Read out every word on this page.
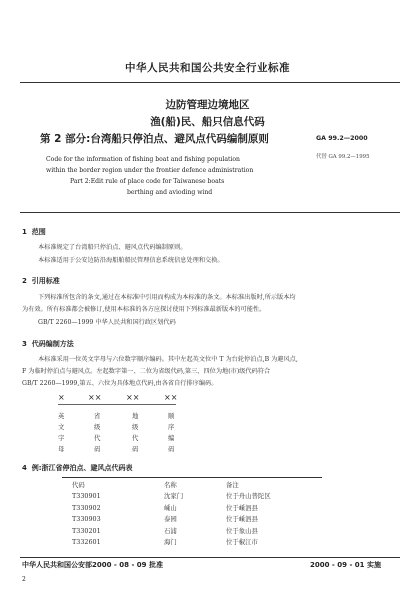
中华人民共和国公共安全行业标准
边防管理边境地区
渔(船)民、船只信息代码
第 2 部分:台湾船只停泊点、避风点代码编制原则	GA 99.2—2000
代替 GA 99.2—1995
Code for the information of fishing boat and fishing population
within the border region under the frontier defence administration
Part 2:Edit rule of place code for Taiwanese boats
berthing and avioding wind
1 范围
本标准规定了台湾船只停泊点、避风点代码编制原则。
本标准适用于公安边防沿海船舶船民管理信息系统信息处理和交换。
2 引用标准
下列标准所包含的条文,通过在本标准中引用而构成为本标准的条文。本标准出版时,所示版本均
为有效。所有标准都会被修订,使用本标准的各方应探讨使用下列标准最新版本的可能性。
GB/T 2260—1999 中华人民共和国行政区划代码
3 代码编制方法
本标准采用一位英文字母与六位数字顺序编码。其中左起英文位中 T 为台轮停泊点,B 为避风点,
F 为临时停泊点与避风点。左起数字第一、二位为省级代码,第三、四位为地(市)级代码符合
GB/T 2260—1999,第五、六位为具体地点代码,由各省自行排序编码。
×	××	××	××
英	省	地	顺
文	级	级	序
字	代	代	编
母	码	码	码
4 例:浙江省停泊点、避风点代码表
代码	名称	备注
T330901	沈家门	位于舟山普陀区
T330902	嵊山	位于嵊泗县
T330903	泰园	位于嵊泗县
T330201	石浦	位于象山县
T332601	海门	位于椒江市
中华人民共和国公安部2000 - 08 - 09 批准	2000 - 09 - 01 实施
2
